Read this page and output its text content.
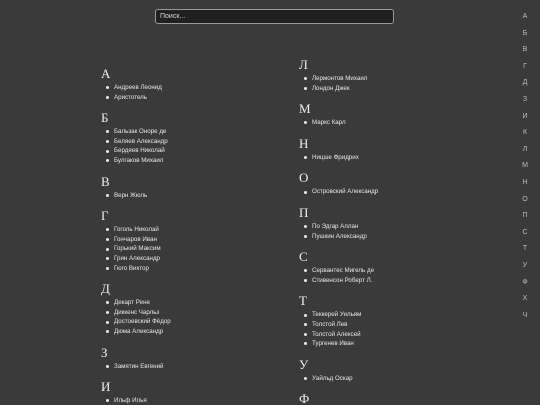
Поиск...
А
Андреев Леонид
Аристотель
Б
Бальзак Оноре де
Беляев Александр
Бердяев Николай
Булгаков Михаил
В
Верн Жюль
Г
Гоголь Николай
Гончаров Иван
Горький Максим
Грин Александр
Гюго Виктор
Д
Декарт Рене
Диккенс Чарльз
Достоевский Фёдор
Дюма Александр
З
Замятин Евгений
И
Ильф Илья
Л
Лермонтов Михаил
Лондон Джек
М
Маркс Карл
Н
Ницше Фридрих
О
Островский Александр
П
По Эдгар Аллан
Пушкин Александр
С
Сервантес Мигель де
Стивенсон Роберт Л.
Т
Теккерей Уильям
Толстой Лев
Толстой Алексей
Тургенев Иван
У
Уайльд Оскар
Ф
А
Б
В
Г
Д
З
И
К
Л
М
Н
О
П
С
Т
У
Ф
Х
Ч
